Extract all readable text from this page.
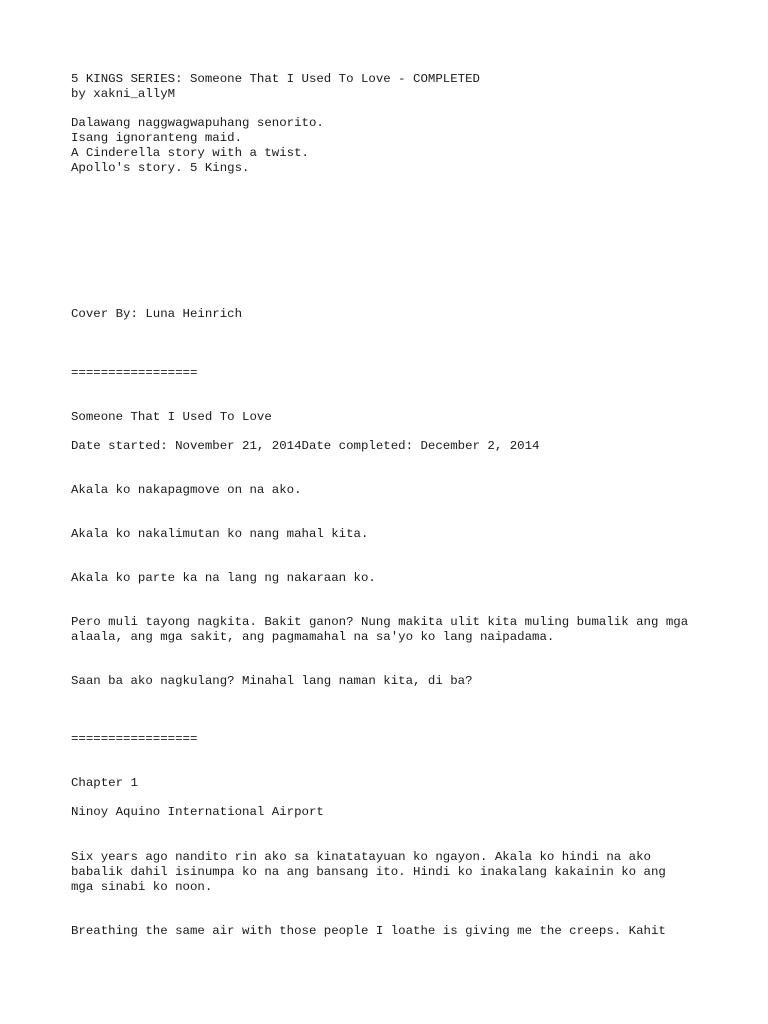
5 KINGS SERIES: Someone That I Used To Love - COMPLETED

by xakni_allyM

Dalawang naggwagwapuhang senorito.

Isang ignoranteng maid.

A Cinderella story with a twist.

Apollo's story. 5 Kings.

Cover By: Luna Heinrich

=================

Someone That I Used To Love

Date started: November 21, 2014Date completed: December 2, 2014

Akala ko nakapagmove on na ako.

Akala ko nakalimutan ko nang mahal kita.

Akala ko parte ka na lang ng nakaraan ko.

Pero muli tayong nagkita. Bakit ganon? Nung makita ulit kita muling bumalik ang mga

alaala, ang mga sakit, ang pagmamahal na sa'yo ko lang naipadama.

Saan ba ako nagkulang? Minahal lang naman kita, di ba?

=================

Chapter 1

Ninoy Aquino International Airport

Six years ago nandito rin ako sa kinatatayuan ko ngayon. Akala ko hindi na ako

babalik dahil isinumpa ko na ang bansang ito. Hindi ko inakalang kakainin ko ang

mga sinabi ko noon.

Breathing the same air with those people I loathe is giving me the creeps. Kahit
